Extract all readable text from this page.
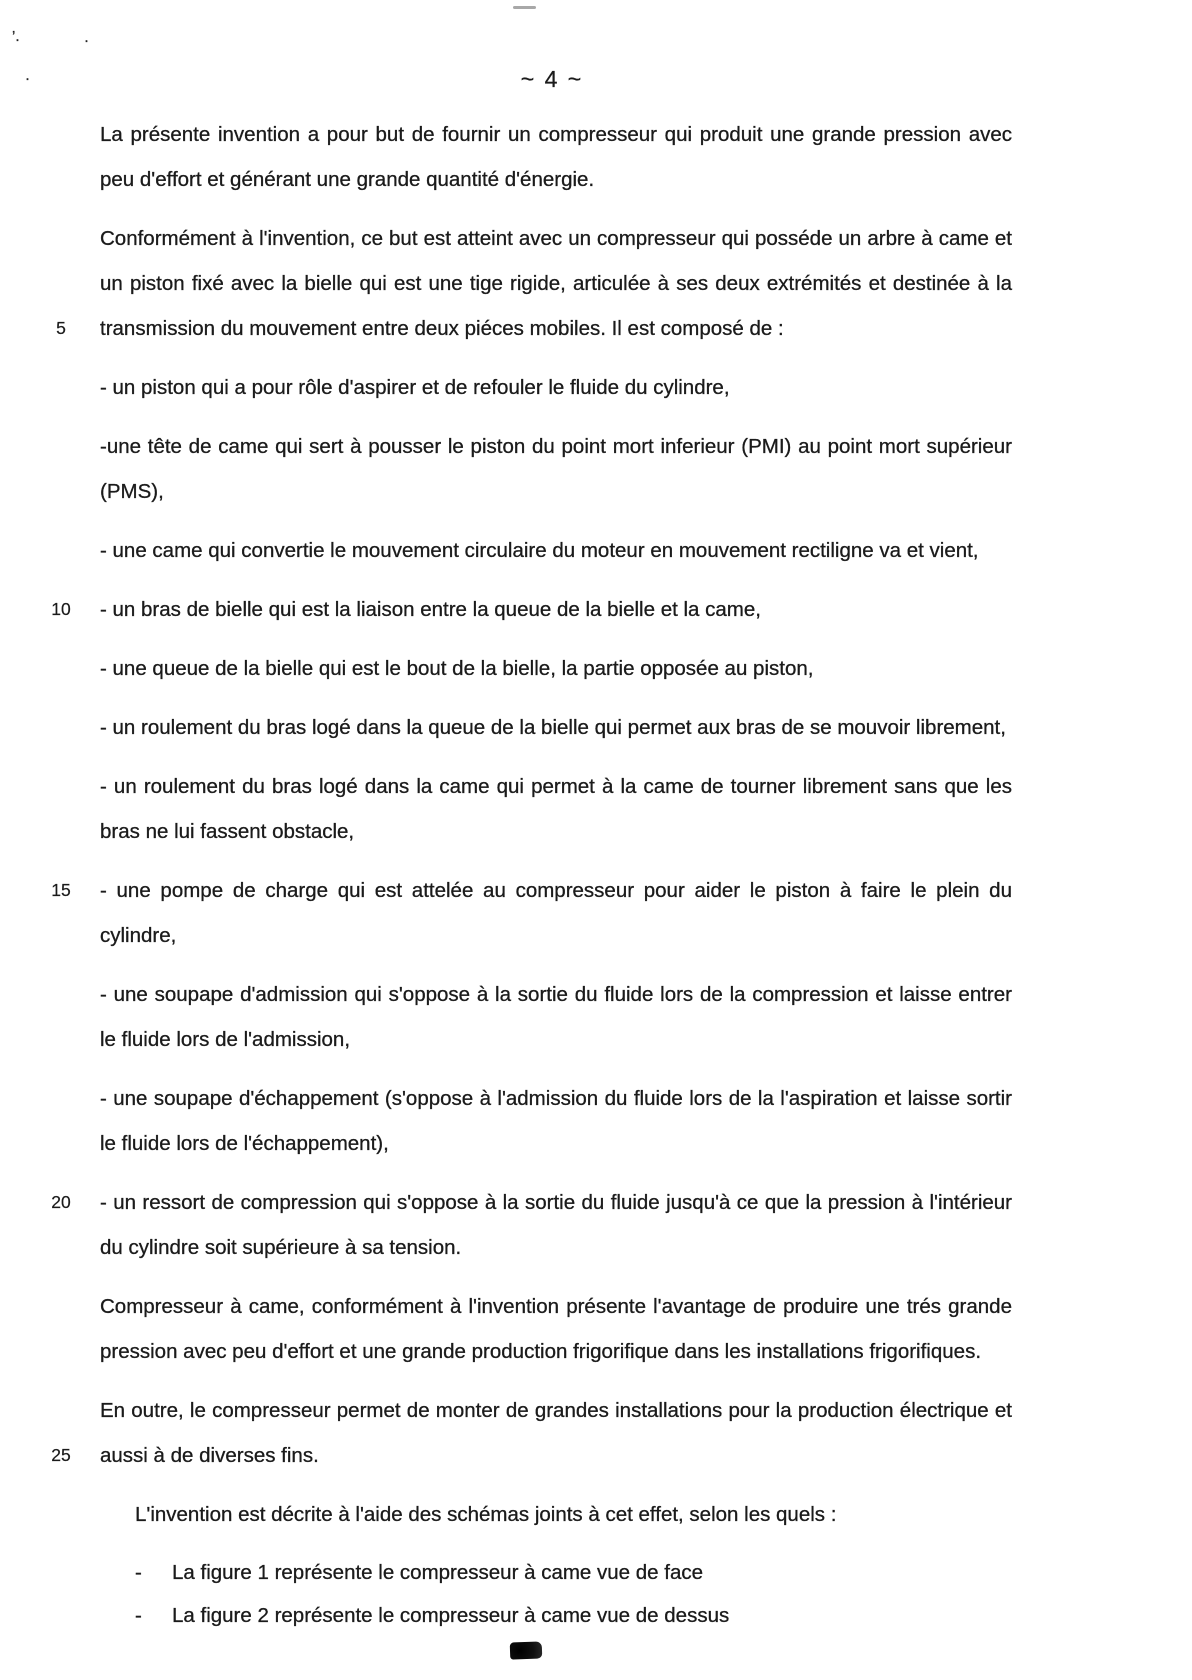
’.	·
·	~ 4 ~

La présente invention a pour but de fournir un compresseur qui produit une grande pression avec peu d'effort et générant une grande quantité d'énergie.

5
Conformément à l'invention, ce but est atteint avec un compresseur qui posséde un arbre à came et un piston fixé avec la bielle qui est une tige rigide, articulée à ses deux extrémités et destinée à la transmission du mouvement entre deux piéces mobiles. Il est composé de :

- un piston qui a pour rôle d'aspirer et de refouler le fluide du cylindre,

-une tête de came qui sert à pousser le piston du point mort inferieur (PMI) au point mort supérieur (PMS),

- une came qui convertie le mouvement circulaire du moteur en mouvement rectiligne va et vient,

10 - un bras de bielle qui est la liaison entre la queue de la bielle et la came,

- une queue de la bielle qui est le bout de la bielle, la partie opposée au piston,

- un roulement du bras logé dans la queue de la bielle qui permet aux bras de se mouvoir librement,

- un roulement du bras logé dans la came qui permet à la came de tourner librement sans que les bras ne lui fassent obstacle,

15 - une pompe de charge qui est attelée au compresseur pour aider le piston à faire le plein du cylindre,

- une soupape d'admission qui s'oppose à la sortie du fluide lors de la compression et laisse entrer le fluide lors de l'admission,

- une soupape d'échappement (s'oppose à l'admission du fluide lors de la l'aspiration et laisse sortir le fluide lors de l'échappement),

20 - un ressort de compression qui s'oppose à la sortie du fluide jusqu'à ce que la pression à l'intérieur du cylindre soit supérieure à sa tension.

Compresseur à came, conformément à l'invention présente l'avantage de produire une trés grande pression avec peu d'effort et une grande production frigorifique dans les installations frigorifiques.

25
En outre, le compresseur permet de monter de grandes installations pour la production électrique et aussi à de diverses fins.

L'invention est décrite à l'aide des schémas joints à cet effet, selon les quels :

-	La figure 1 représente le compresseur à came vue de face
-	La figure 2 représente le compresseur à came vue de dessus
